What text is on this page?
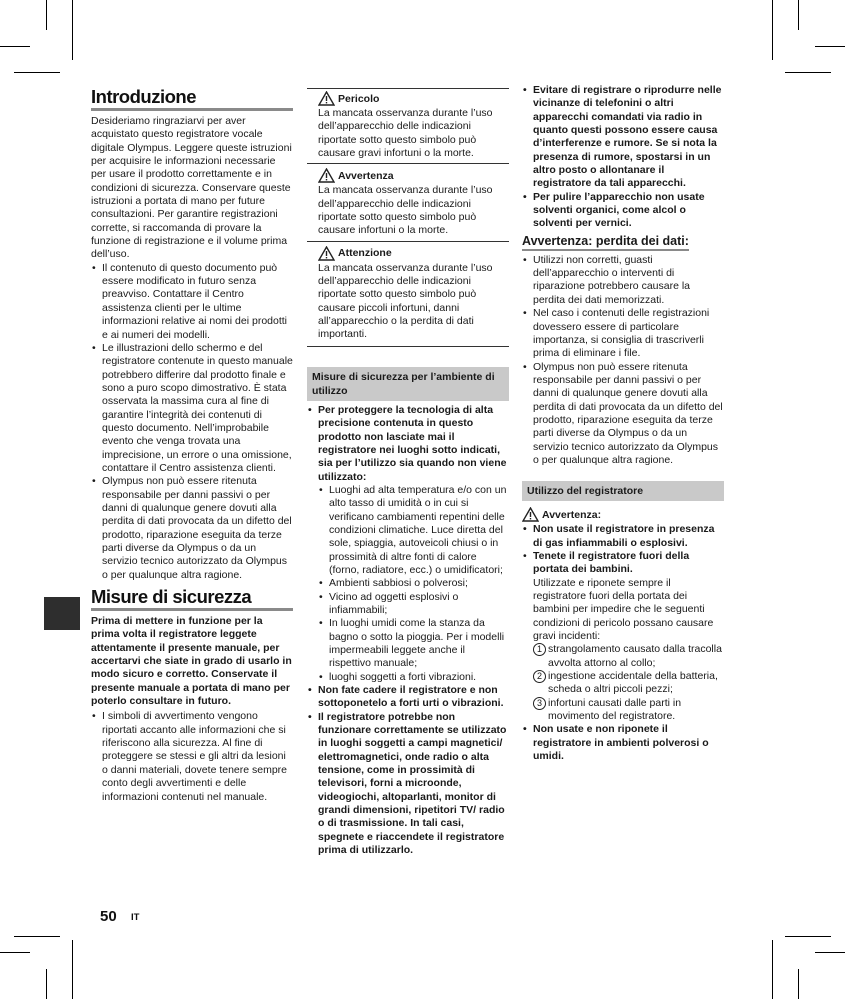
Introduzione

Desideriamo ringraziarvi per aver acquistato questo registratore vocale digitale Olympus. Leggere queste istruzioni per acquisire le informazioni necessarie per usare il prodotto correttamente e in condizioni di sicurezza. Conservare queste istruzioni a portata di mano per future consultazioni. Per garantire registrazioni corrette, si raccomanda di provare la funzione di registrazione e il volume prima dell’uso.

• Il contenuto di questo documento può essere modificato in futuro senza preavviso. Contattare il Centro assistenza clienti per le ultime informazioni relative ai nomi dei prodotti e ai numeri dei modelli.
• Le illustrazioni dello schermo e del registratore contenute in questo manuale potrebbero differire dal prodotto finale e sono a puro scopo dimostrativo. È stata osservata la massima cura al fine di garantire l’integrità dei contenuti di questo documento. Nell’improbabile evento che venga trovata una imprecisione, un errore o una omissione, contattare il Centro assistenza clienti.
• Olympus non può essere ritenuta responsabile per danni passivi o per danni di qualunque genere dovuti alla perdita di dati provocata da un difetto del prodotto, riparazione eseguita da terze parti diverse da Olympus o da un servizio tecnico autorizzato da Olympus o per qualunque altra ragione.
Misure di sicurezza

Prima di mettere in funzione per la prima volta il registratore leggete attentamente il presente manuale, per accertarvi che siate in grado di usarlo in modo sicuro e corretto. Conservate il presente manuale a portata di mano per poterlo consultare in futuro.

• I simboli di avvertimento vengono riportati accanto alle informazioni che si riferiscono alla sicurezza. Al fine di proteggere se stessi e gli altri da lesioni o danni materiali, dovete tenere sempre conto degli avvertimenti e delle informazioni contenuti nel manuale.
Pericolo

La mancata osservanza durante l’uso dell’apparecchio delle indicazioni riportate sotto questo simbolo può causare gravi infortuni o la morte.

Avvertenza

La mancata osservanza durante l’uso dell’apparecchio delle indicazioni riportate sotto questo simbolo può causare infortuni o la morte.

Attenzione

La mancata osservanza durante l’uso dell’apparecchio delle indicazioni riportate sotto questo simbolo può causare piccoli infortuni, danni all’apparecchio o la perdita di dati importanti.

Misure di sicurezza per l’ambiente di utilizzo
• Per proteggere la tecnologia di alta precisione contenuta in questo prodotto non lasciate mai il registratore nei luoghi sotto indicati, sia per l’utilizzo sia quando non viene utilizzato:
• Luoghi ad alta temperatura e/o con un alto tasso di umidità o in cui si verificano cambiamenti repentini delle condizioni climatiche. Luce diretta del sole, spiaggia, autoveicoli chiusi o in prossimità di altre fonti di calore (forno, radiatore, ecc.) o umidificatori;
• Ambienti sabbiosi o polverosi;
• Vicino ad oggetti esplosivi o infiammabili;
• In luoghi umidi come la stanza da bagno o sotto la pioggia. Per i modelli impermeabili leggete anche il rispettivo manuale;
• luoghi soggetti a forti vibrazioni.
• Non fate cadere il registratore e non sottoponetelo a forti urti o vibrazioni.
• Il registratore potrebbe non funzionare correttamente se utilizzato in luoghi soggetti a campi magnetici/ elettromagnetici, onde radio o alta tensione, come in prossimità di televisori, forni a microonde, videogiochi, altoparlanti, monitor di grandi dimensioni, ripetitori TV/ radio o di trasmissione. In tali casi, spegnete e riaccendete il registratore prima di utilizzarlo.
• Evitare di registrare o riprodurre nelle vicinanze di telefonini o altri apparecchi comandati via radio in quanto questi possono essere causa d’interferenze e rumore. Se si nota la presenza di rumore, spostarsi in un altro posto o allontanare il registratore da tali apparecchi.
• Per pulire l’apparecchio non usate solventi organici, come alcol o solventi per vernici.
Avvertenza: perdita dei dati:
• Utilizzi non corretti, guasti dell’apparecchio o interventi di riparazione potrebbero causare la perdita dei dati memorizzati.
• Nel caso i contenuti delle registrazioni dovessero essere di particolare importanza, si consiglia di trascriverli prima di eliminare i file.
• Olympus non può essere ritenuta responsabile per danni passivi o per danni di qualunque genere dovuti alla perdita di dati provocata da un difetto del prodotto, riparazione eseguita da terze parti diverse da Olympus o da un servizio tecnico autorizzato da Olympus o per qualunque altra ragione.
Utilizzo del registratore
Avvertenza:
• Non usate il registratore in presenza di gas infiammabili o esplosivi.
• Tenete il registratore fuori della portata dei bambini.
Utilizzate e riponete sempre il registratore fuori della portata dei bambini per impedire che le seguenti condizioni di pericolo possano causare gravi incidenti:
1 strangolamento causato dalla tracolla avvolta attorno al collo;
2 ingestione accidentale della batteria, scheda o altri piccoli pezzi;
3 infortuni causati dalle parti in movimento del registratore.
• Non usate e non riponete il registratore in ambienti polverosi o umidi.
50 IT
